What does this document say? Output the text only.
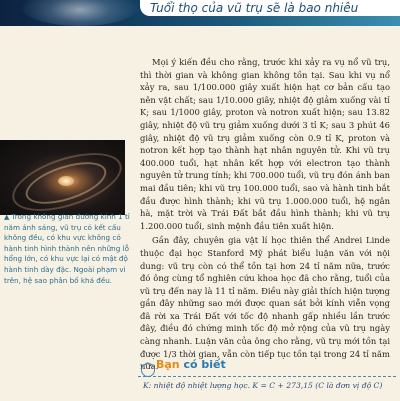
Tuổi thọ của vũ trụ sẽ là bao nhiêu
▲ Trong không gian đường kính 1 tỉ năm ánh sáng, vũ trụ có kết cấu không đều, có khu vực không có hành tinh hình thành nên những lỗ hổng lớn, có khu vực lại có mật độ hành tinh dày đặc. Ngoài phạm vi trên, hệ sao phân bố khá đều.

Mọi ý kiến đều cho rằng, trước khi xảy ra vụ nổ vũ trụ, thì thời gian và không gian không tồn tại. Sau khi vụ nổ xảy ra, sau 1/100.000 giây xuất hiện hạt cơ bản cấu tạo nên vật chất; sau 1/10.000 giây, nhiệt độ giảm xuống vài tỉ K; sau 1/1000 giây, proton và notron xuất hiện; sau 13.82 giây, nhiệt độ vũ trụ giảm xuống dưới 3 tỉ K; sau 3 phút 46 giây, nhiệt độ vũ trụ giảm xuống còn 0.9 tỉ K, proton và notron kết hợp tạo thành hạt nhân nguyên tử. Khi vũ trụ 400.000 tuổi, hạt nhân kết hợp với electron tạo thành nguyên tử trung tính; khi 700.000 tuổi, vũ trụ đón ánh ban mai đầu tiên; khi vũ trụ 100.000 tuổi, sao và hành tinh bắt đầu được hình thành; khi vũ trụ 1.000.000 tuổi, hệ ngân hà, mặt trời và Trái Đất bắt đầu hình thành; khi vũ trụ 1.200.000 tuổi, sinh mệnh đầu tiên xuất hiện.

Gần đây, chuyên gia vật lí học thiên thể Andrei Linde thuộc đại học Stanford Mỹ phát biểu luận văn với nội dung: vũ trụ còn có thể tồn tại hơn 24 tỉ năm nữa, trước đó ông cùng tổ nghiên cứu khoa học đã cho rằng, tuổi của vũ trụ đến nay là 11 tỉ năm. Điều này giải thích hiện tượng gần đây những sao mới được quan sát bởi kính viễn vọng đã rời xa Trái Đất với tốc độ nhanh gấp nhiều lần trước đây, điều đó chứng minh tốc độ mở rộng của vũ trụ ngày càng nhanh. Luận văn của ông cho rằng, vũ trụ mới tồn tại được 1/3 thời gian, vẫn còn tiếp tục tồn tại trong 24 tỉ năm nữa.

Bạn có biết
K: nhiệt độ nhiệt lượng học. K = C + 273,15 (C là đơn vị độ C)
